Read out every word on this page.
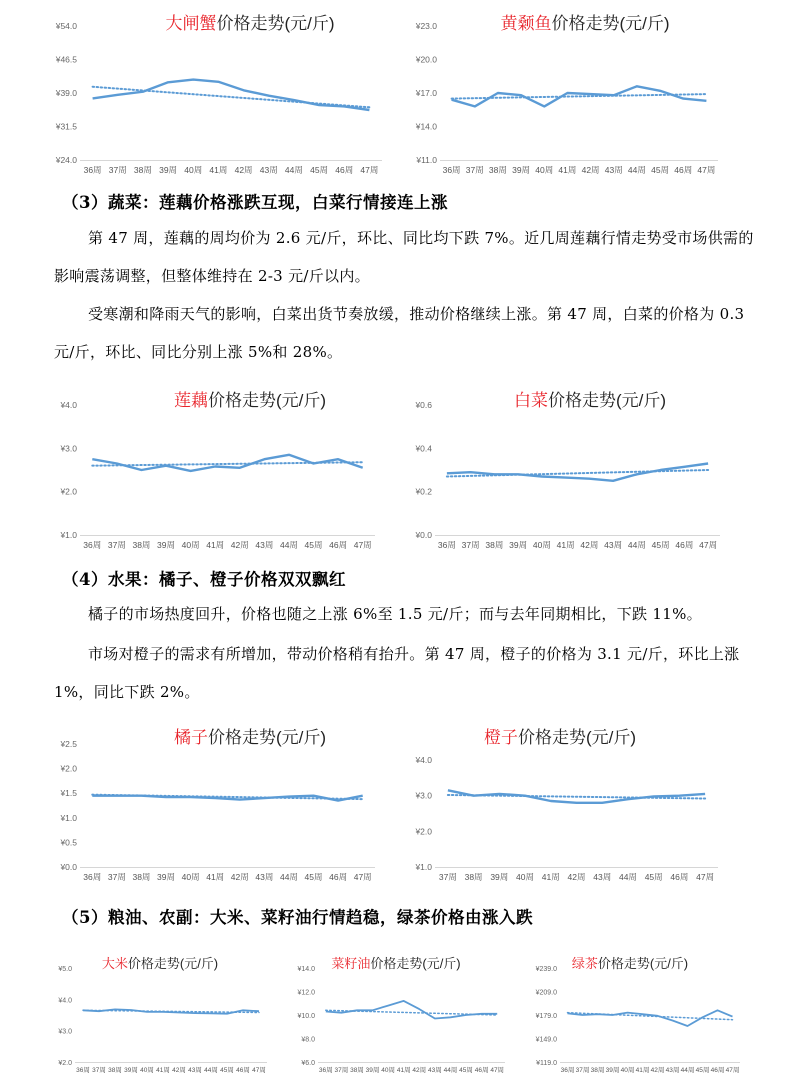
大闸蟹价格走势(元/斤)
¥54.0
¥46.5
¥39.0
¥31.5
¥24.0
36周 37周 38周 39周 40周 41周 42周 43周 44周 45周 46周 47周
黄颡鱼价格走势(元/斤)
¥23.0
¥20.0
¥17.0
¥14.0
¥11.0
36周 37周 38周 39周 40周 41周 42周 43周 44周 45周 46周 47周

（3）蔬菜：莲藕价格涨跌互现，白菜行情接连上涨

第 47 周，莲藕的周均价为 2.6 元/斤，环比、同比均下跌 7%。近几周莲藕行情走势受市场供需的影响震荡调整，但整体维持在 2-3 元/斤以内。

受寒潮和降雨天气的影响，白菜出货节奏放缓，推动价格继续上涨。第 47 周，白菜的价格为 0.3 元/斤，环比、同比分别上涨 5%和 28%。

莲藕价格走势(元/斤)
¥4.0
¥3.0
¥2.0
¥1.0
36周 37周 38周 39周 40周 41周 42周 43周 44周 45周 46周 47周
白菜价格走势(元/斤)
¥0.6
¥0.4
¥0.2
¥0.0
36周 37周 38周 39周 40周 41周 42周 43周 44周 45周 46周 47周

（4）水果：橘子、橙子价格双双飘红

橘子的市场热度回升，价格也随之上涨 6%至 1.5 元/斤；而与去年同期相比，下跌 11%。

市场对橙子的需求有所增加，带动价格稍有抬升。第 47 周，橙子的价格为 3.1 元/斤，环比上涨 1%，同比下跌 2%。

橘子价格走势(元/斤)
¥2.5
¥2.0
¥1.5
¥1.0
¥0.5
¥0.0
36周 37周 38周 39周 40周 41周 42周 43周 44周 45周 46周 47周
橙子价格走势(元/斤)
¥4.0
¥3.0
¥2.0
¥1.0
37周 38周 39周 40周 41周 42周 43周 44周 45周 46周 47周

（5）粮油、农副：大米、菜籽油行情趋稳，绿茶价格由涨入跌

大米价格走势(元/斤)
¥5.0
¥4.0
¥3.0
¥2.0
36周 37周 38周 39周 40周 41周 42周 43周 44周 45周 46周 47周
菜籽油价格走势(元/斤)
¥14.0
¥12.0
¥10.0
¥8.0
¥6.0
36周 37周 38周 39周 40周 41周 42周 43周 44周 45周 46周 47周
绿茶价格走势(元/斤)
¥239.0
¥209.0
¥179.0
¥149.0
¥119.0
36周 37周 38周 39周 40周 41周 42周 43周 44周 45周 46周 47周
